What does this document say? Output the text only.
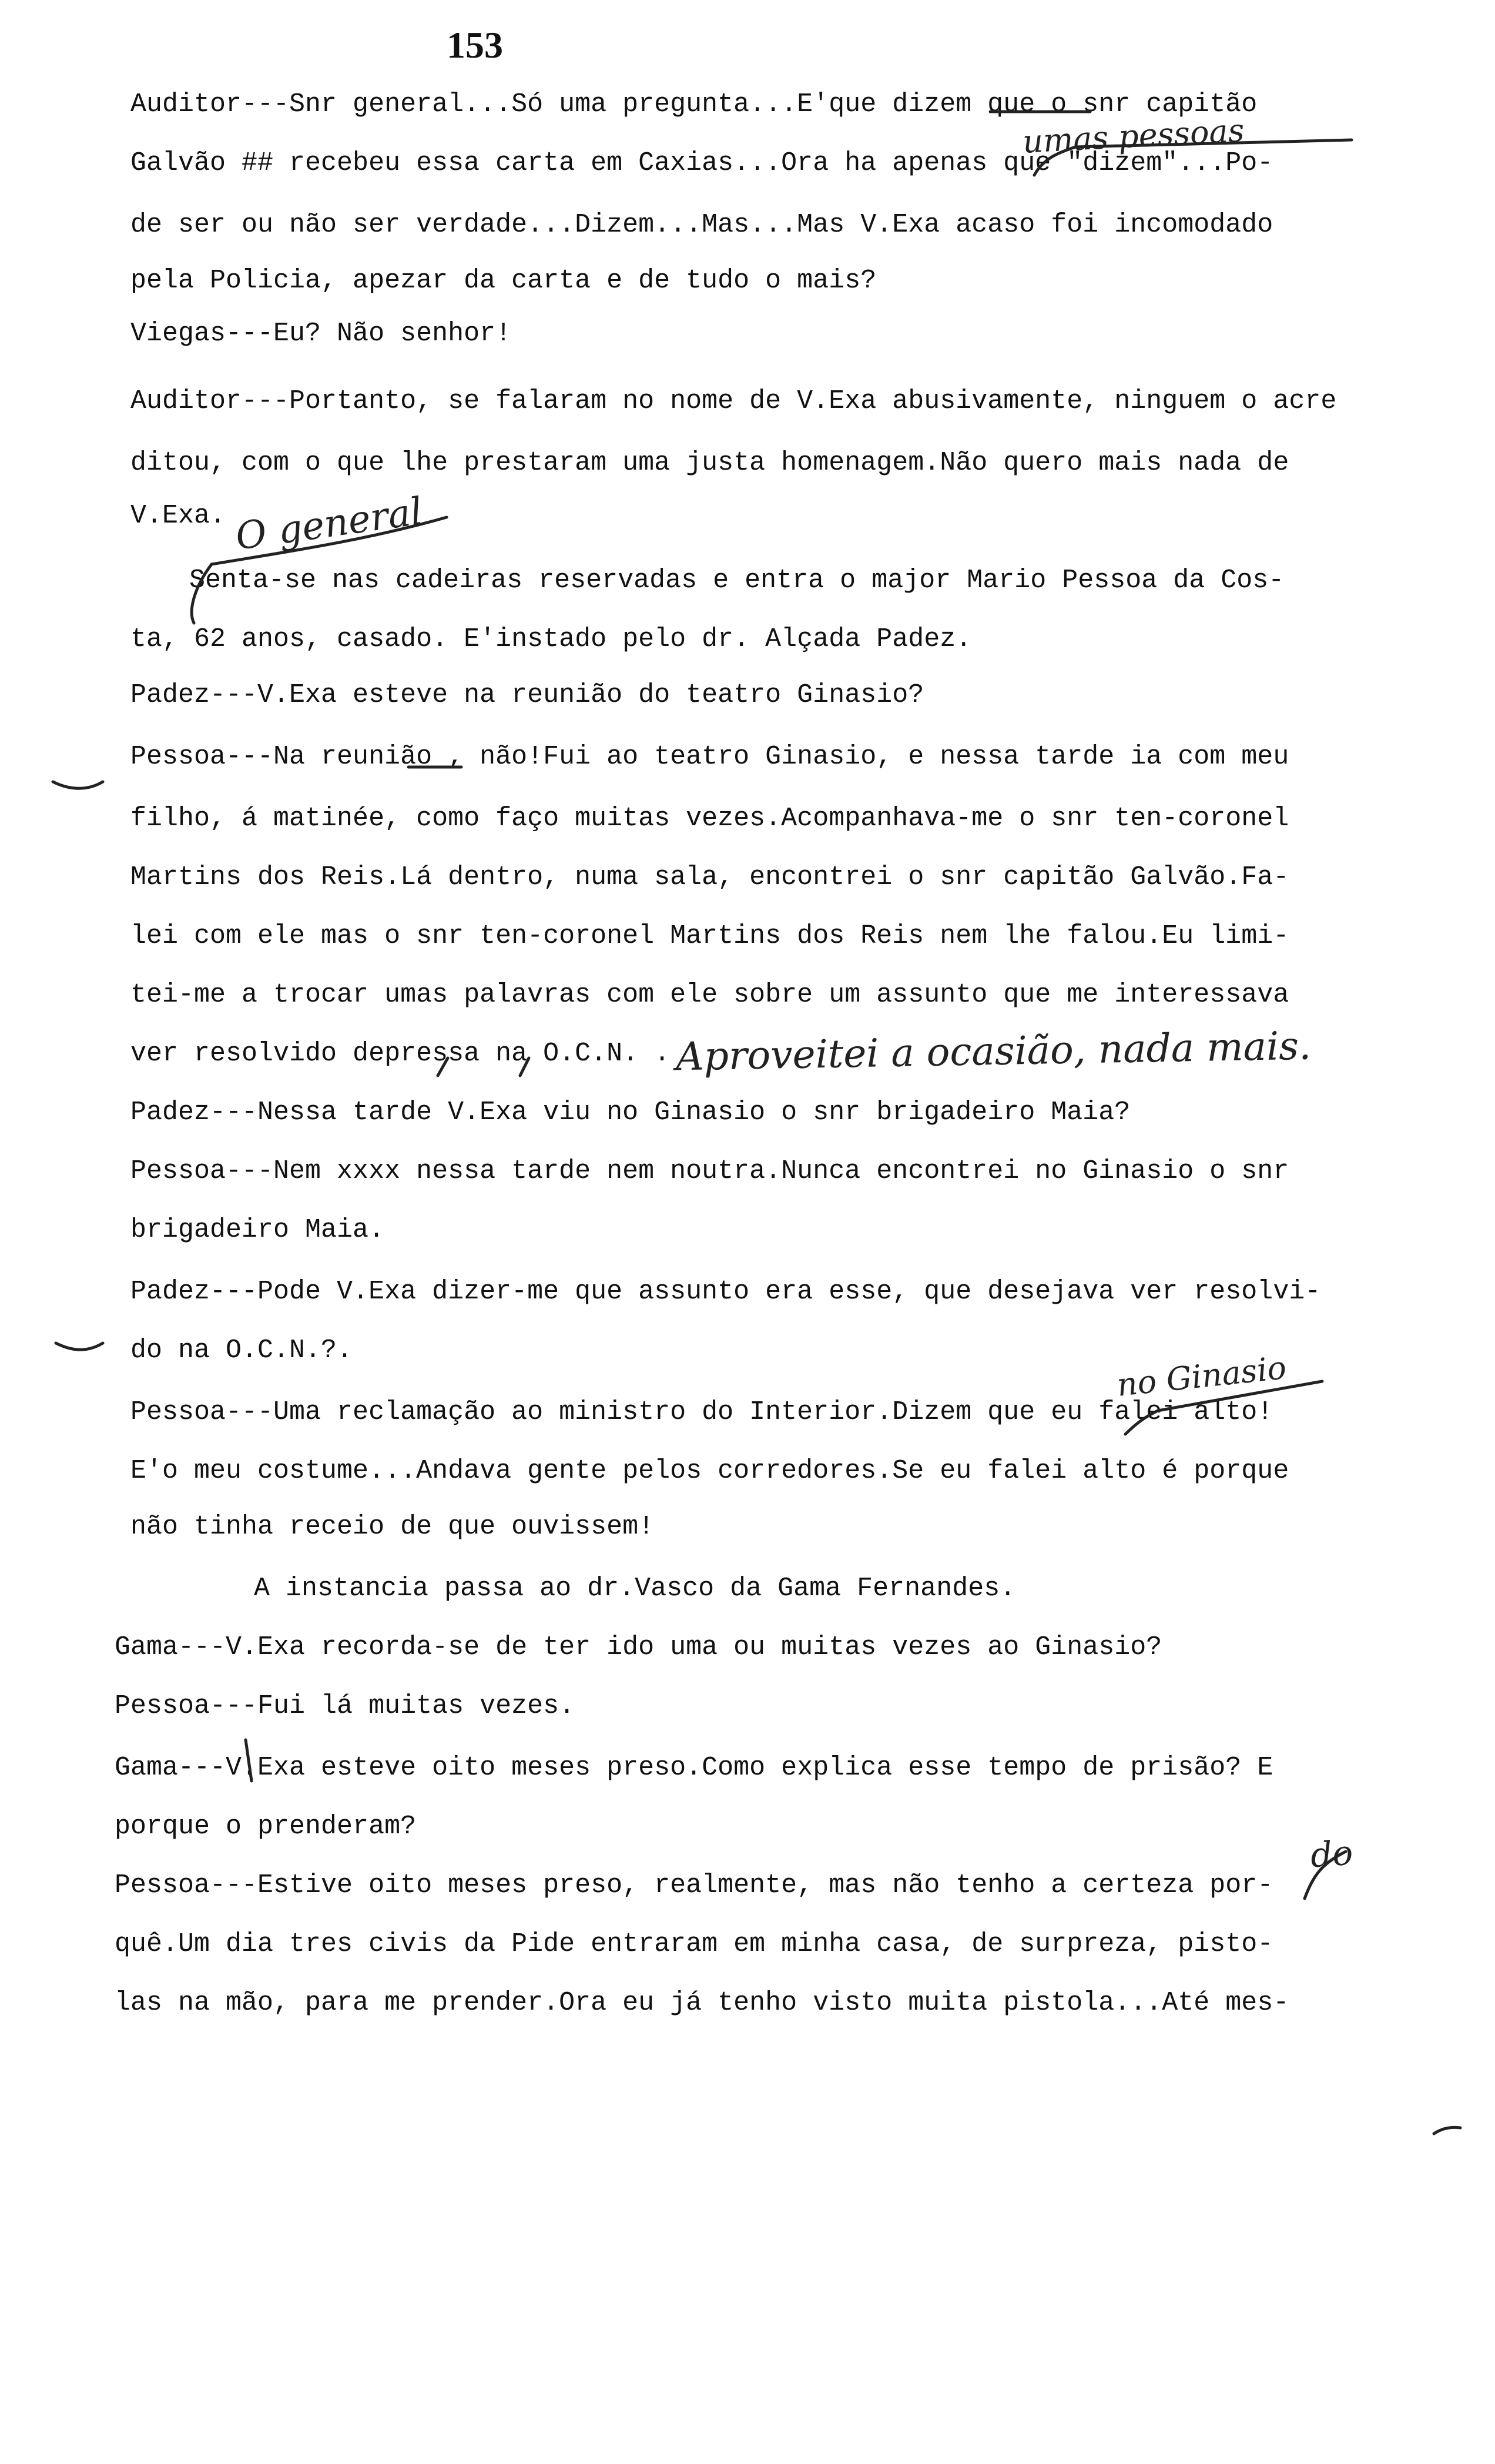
153
Auditor---Snr general...Só uma pregunta...E'que dizem que o snr capitão
Galvão ## recebeu essa carta em Caxias...Ora ha apenas que "dizem"...Po-
de ser ou não ser verdade...Dizem...Mas...Mas V.Exa acaso foi incomodado
pela Policia, apezar da carta e de tudo o mais?
Viegas---Eu? Não senhor!
Auditor---Portanto, se falaram no nome de V.Exa abusivamente, ninguem o acre
ditou, com o que lhe prestaram uma justa homenagem.Não quero mais nada de
V.Exa.
Senta-se nas cadeiras reservadas e entra o major Mario Pessoa da Cos-
ta, 62 anos, casado. E'instado pelo dr. Alçada Padez.
Padez---V.Exa esteve na reunião do teatro Ginasio?
Pessoa---Na reunião , não!Fui ao teatro Ginasio, e nessa tarde ia com meu
filho, á matinée, como faço muitas vezes.Acompanhava-me o snr ten-coronel
Martins dos Reis.Lá dentro, numa sala, encontrei o snr capitão Galvão.Fa-
lei com ele mas o snr ten-coronel Martins dos Reis nem lhe falou.Eu limi-
tei-me a trocar umas palavras com ele sobre um assunto que me interessava
ver resolvido depressa na O.C.N. .
Padez---Nessa tarde V.Exa viu no Ginasio o snr brigadeiro Maia?
Pessoa---Nem xxxx nessa tarde nem noutra.Nunca encontrei no Ginasio o snr
brigadeiro Maia.
Padez---Pode V.Exa dizer-me que assunto era esse, que desejava ver resolvi-
do na O.C.N.?.
Pessoa---Uma reclamação ao ministro do Interior.Dizem que eu falei alto!
E'o meu costume...Andava gente pelos corredores.Se eu falei alto é porque
não tinha receio de que ouvissem!
A instancia passa ao dr.Vasco da Gama Fernandes.
Gama---V.Exa recorda-se de ter ido uma ou muitas vezes ao Ginasio?
Pessoa---Fui lá muitas vezes.
Gama---V.Exa esteve oito meses preso.Como explica esse tempo de prisão? E
porque o prenderam?
Pessoa---Estive oito meses preso, realmente, mas não tenho a certeza por-
quê.Um dia tres civis da Pide entraram em minha casa, de surpreza, pisto-
las na mão, para me prender.Ora eu já tenho visto muita pistola...Até mes-
umas pessoas
O general
Aproveitei a ocasião, nada mais.
no Ginasio
do
